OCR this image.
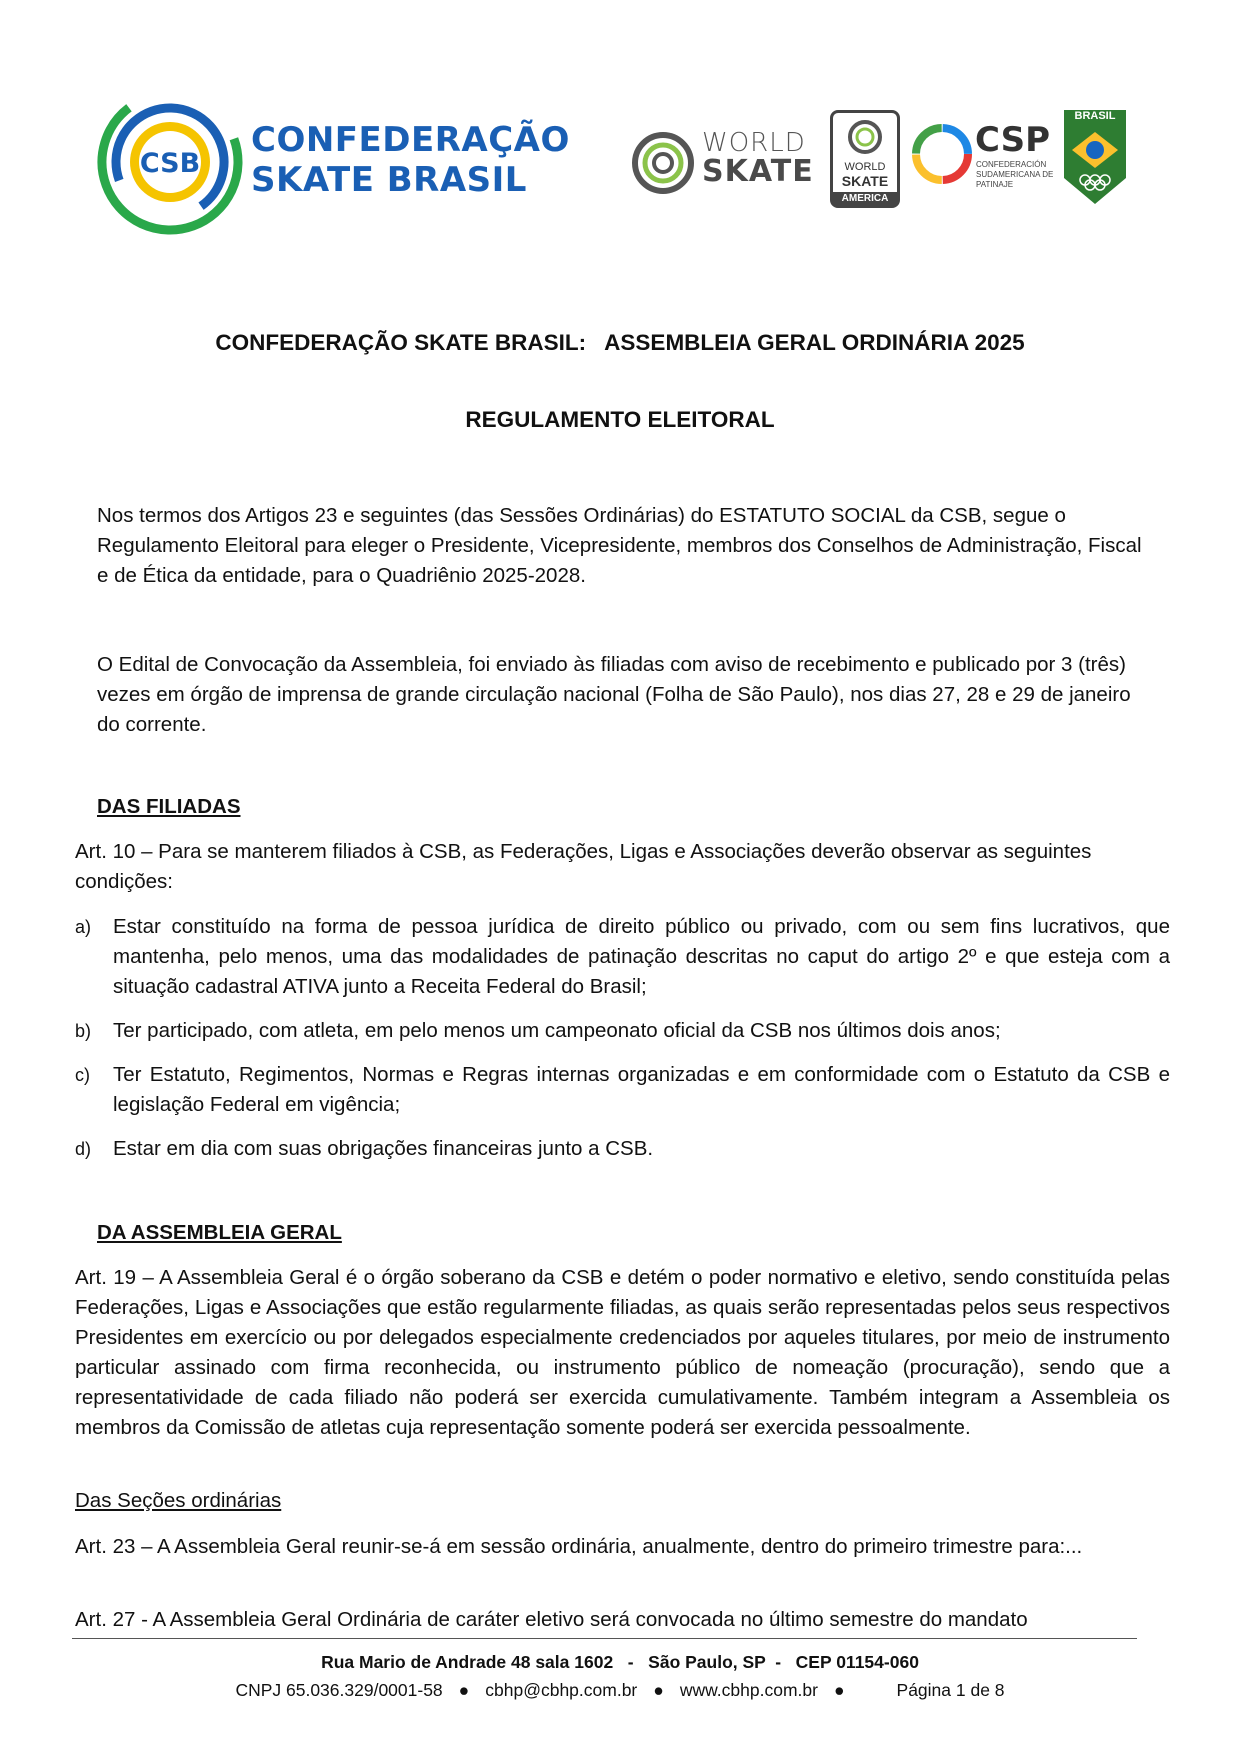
CSB
CONFEDERAÇÃO
SKATE BRASIL
WORLD
SKATE	WORLD
SKATE
AMERICA
CSP
CONFEDERACIÓN SUDAMERICANA DE PATINAJE
BRASIL
CONFEDERAÇÃO SKATE BRASIL: ASSEMBLEIA GERAL ORDINÁRIA 2025
REGULAMENTO ELEITORAL

Nos termos dos Artigos 23 e seguintes (das Sessões Ordinárias) do ESTATUTO SOCIAL da CSB, segue o Regulamento Eleitoral para eleger o Presidente, Vicepresidente, membros dos Conselhos de Administração, Fiscal e de Ética da entidade, para o Quadriênio 2025-2028.

O Edital de Convocação da Assembleia, foi enviado às filiadas com aviso de recebimento e publicado por 3 (três) vezes em órgão de imprensa de grande circulação nacional (Folha de São Paulo), nos dias 27, 28 e 29 de janeiro do corrente.

DAS FILIADAS

Art. 10 – Para se manterem filiados à CSB, as Federações, Ligas e Associações deverão observar as seguintes condições:

a) Estar constituído na forma de pessoa jurídica de direito público ou privado, com ou sem fins lucrativos, que mantenha, pelo menos, uma das modalidades de patinação descritas no caput do artigo 2º e que esteja com a situação cadastral ATIVA junto a Receita Federal do Brasil;
b) Ter participado, com atleta, em pelo menos um campeonato oficial da CSB nos últimos dois anos;
c) Ter Estatuto, Regimentos, Normas e Regras internas organizadas e em conformidade com o Estatuto da CSB e legislação Federal em vigência;
d) Estar em dia com suas obrigações financeiras junto a CSB.
DA ASSEMBLEIA GERAL

Art. 19 – A Assembleia Geral é o órgão soberano da CSB e detém o poder normativo e eletivo, sendo constituída pelas Federações, Ligas e Associações que estão regularmente filiadas, as quais serão representadas pelos seus respectivos Presidentes em exercício ou por delegados especialmente credenciados por aqueles titulares, por meio de instrumento particular assinado com firma reconhecida, ou instrumento público de nomeação (procuração), sendo que a representatividade de cada filiado não poderá ser exercida cumulativamente. Também integram a Assembleia os membros da Comissão de atletas cuja representação somente poderá ser exercida pessoalmente.

Das Seções ordinárias

Art. 23 – A Assembleia Geral reunir-se-á em sessão ordinária, anualmente, dentro do primeiro trimestre para:...

Art. 27 - A Assembleia Geral Ordinária de caráter eletivo será convocada no último semestre do mandato

Rua Mario de Andrade 48 sala 1602   -   São Paulo, SP  -   CEP 01154-060
CNPJ 65.036.329/0001-58 ● cbhp@cbhp.com.br ● www.cbhp.com.br ●	Página 1 de 8
